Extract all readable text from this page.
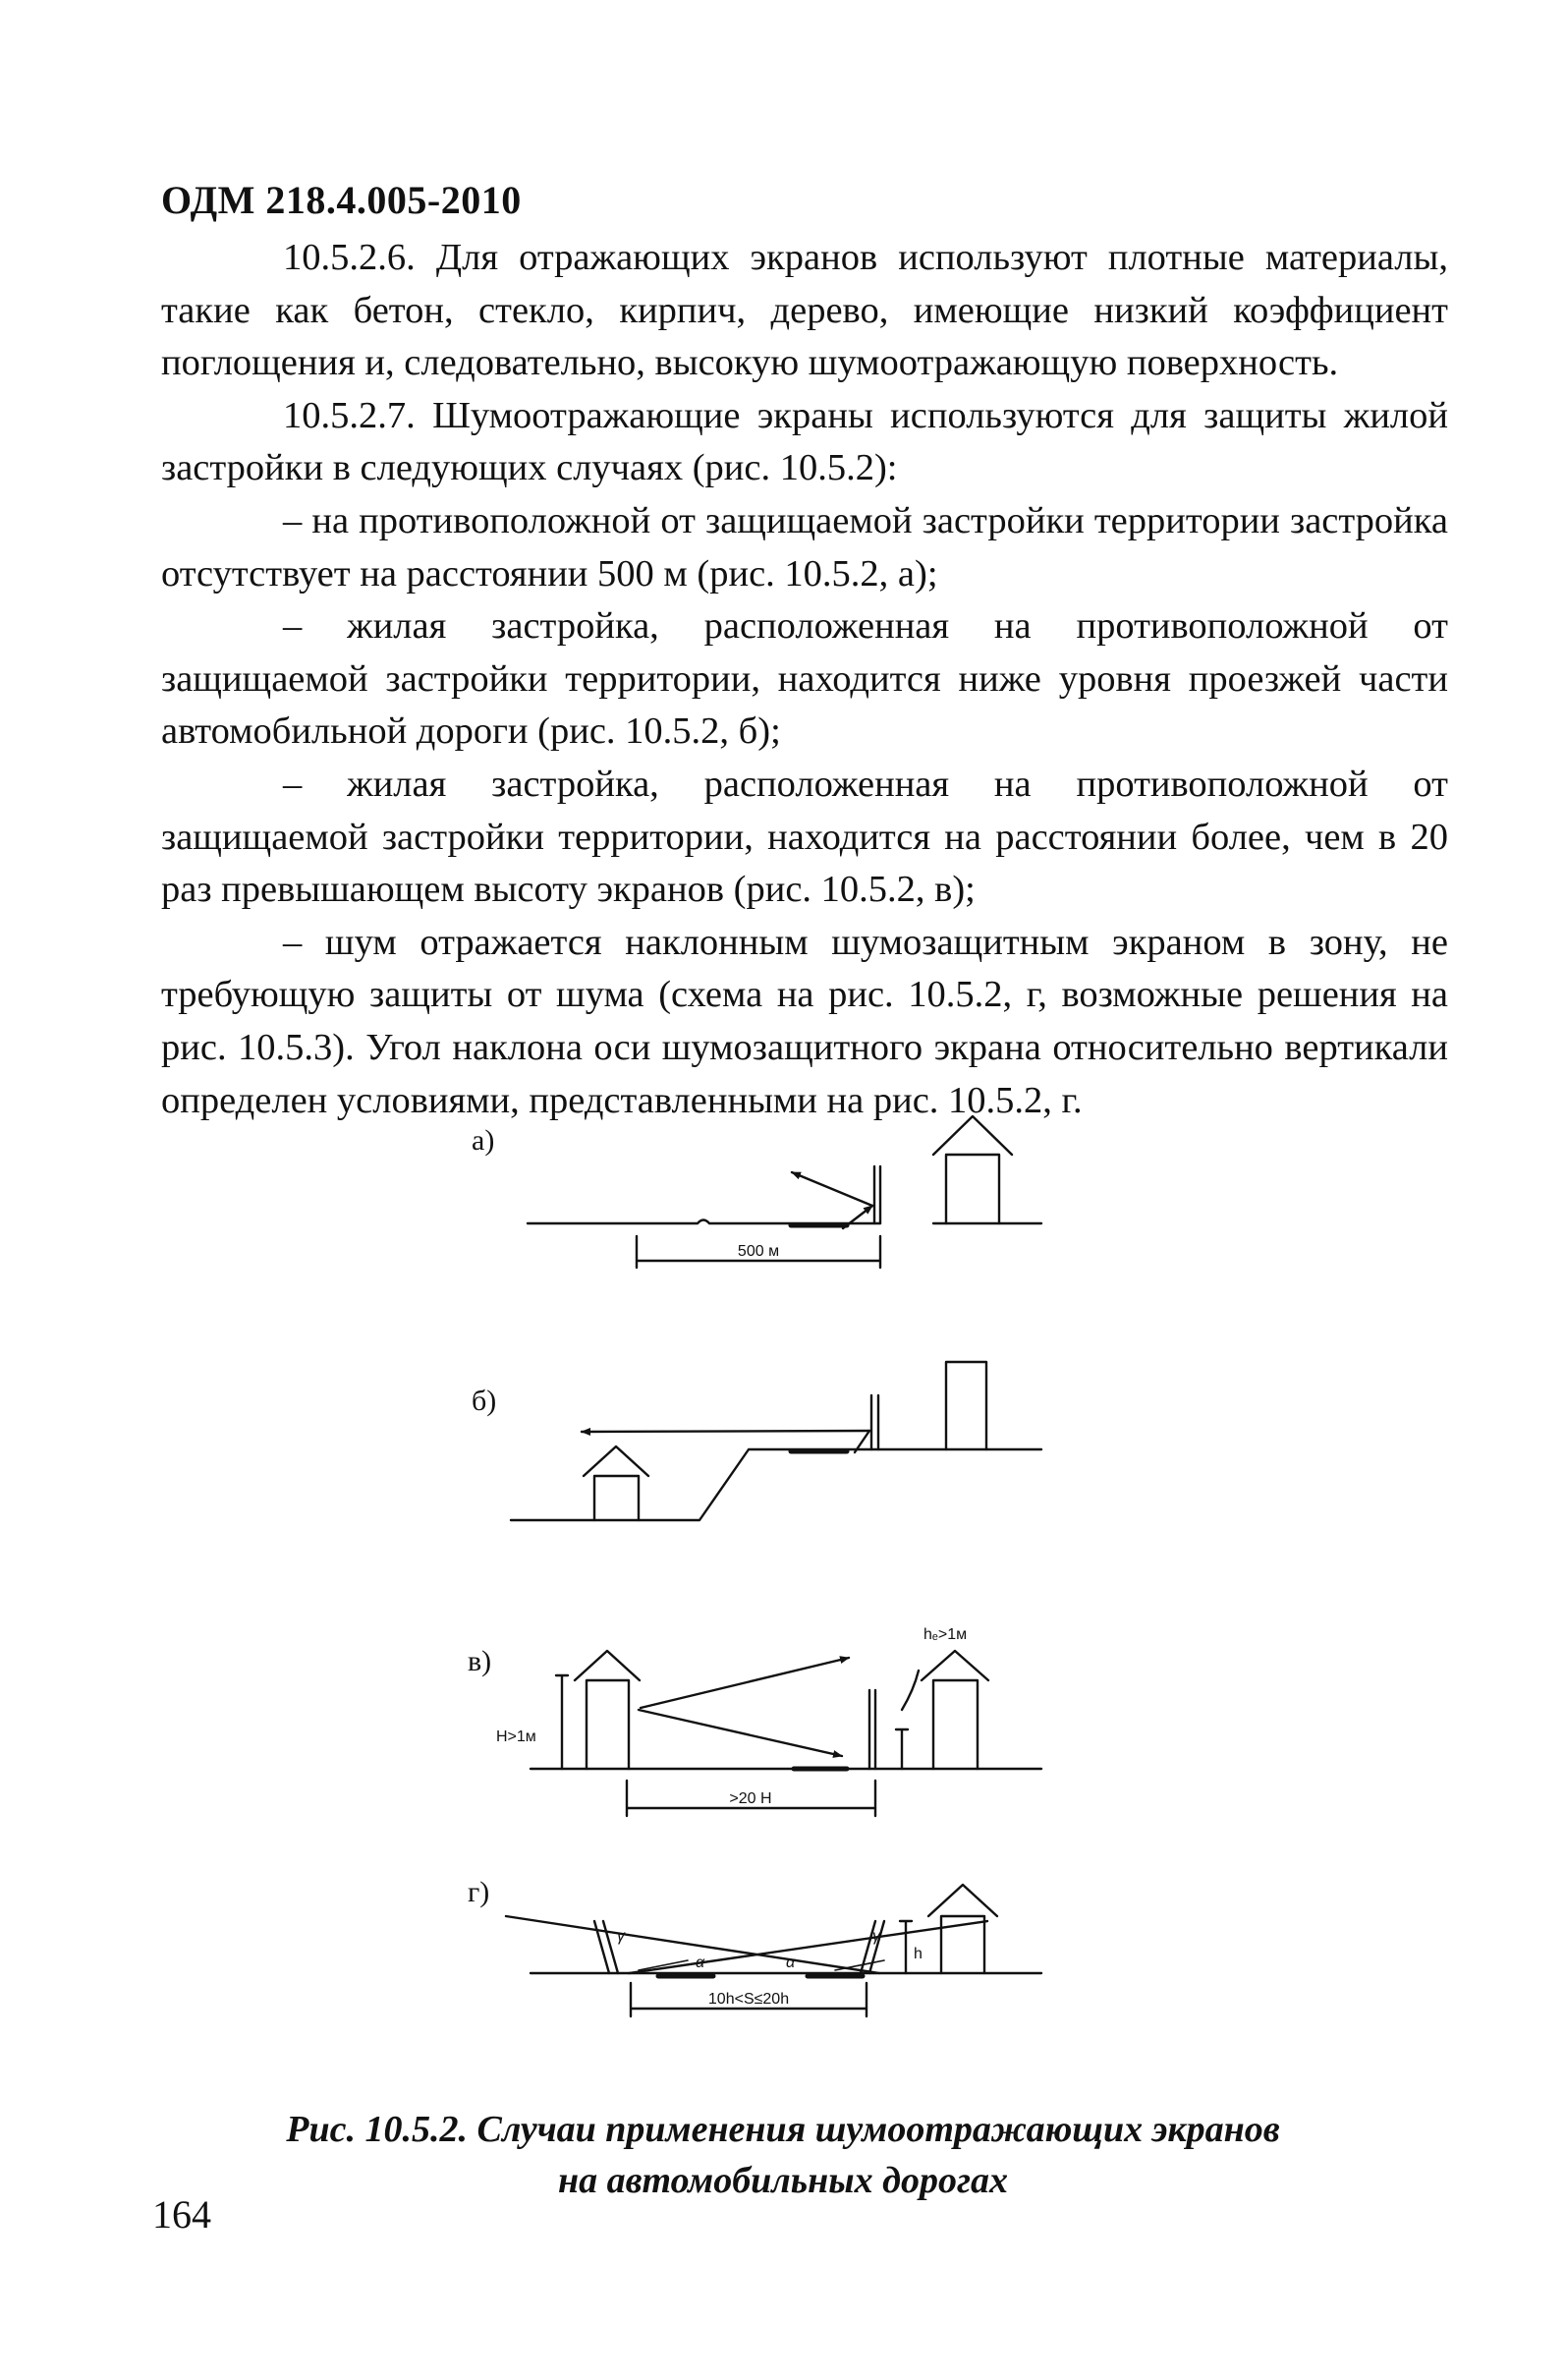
ОДМ 218.4.005-2010

10.5.2.6. Для отражающих экранов используют плотные материалы, такие как бетон, стекло, кирпич, дерево, имеющие низкий коэффициент поглощения и, следовательно, высокую шумоотражающую поверхность.

10.5.2.7. Шумоотражающие экраны используются для защиты жилой застройки в следующих случаях (рис. 10.5.2):

– на противоположной от защищаемой застройки территории застройка отсутствует на расстоянии 500 м (рис. 10.5.2, а);

– жилая застройка, расположенная на противоположной от защищаемой застройки территории, находится ниже уровня проезжей части автомобильной дороги (рис. 10.5.2, б);

– жилая застройка, расположенная на противоположной от защищаемой застройки территории, находится на расстоянии более, чем в 20 раз превышающем высоту экранов (рис. 10.5.2, в);

– шум отражается наклонным шумозащитным экраном в зону, не требующую защиты от шума (схема на рис. 10.5.2, г, возможные решения на рис. 10.5.3). Угол наклона оси шумозащитного экрана относительно вертикали определен условиями, представленными на рис. 10.5.2, г.

а)
500 м
б)
в)
H>1м
hₑ>1м
>20 H
г)
α	α
γ	γ
h
10h<S≤20h
Рис. 10.5.2. Случаи применения шумоотражающих экранов
на автомобильных дорогах
164
